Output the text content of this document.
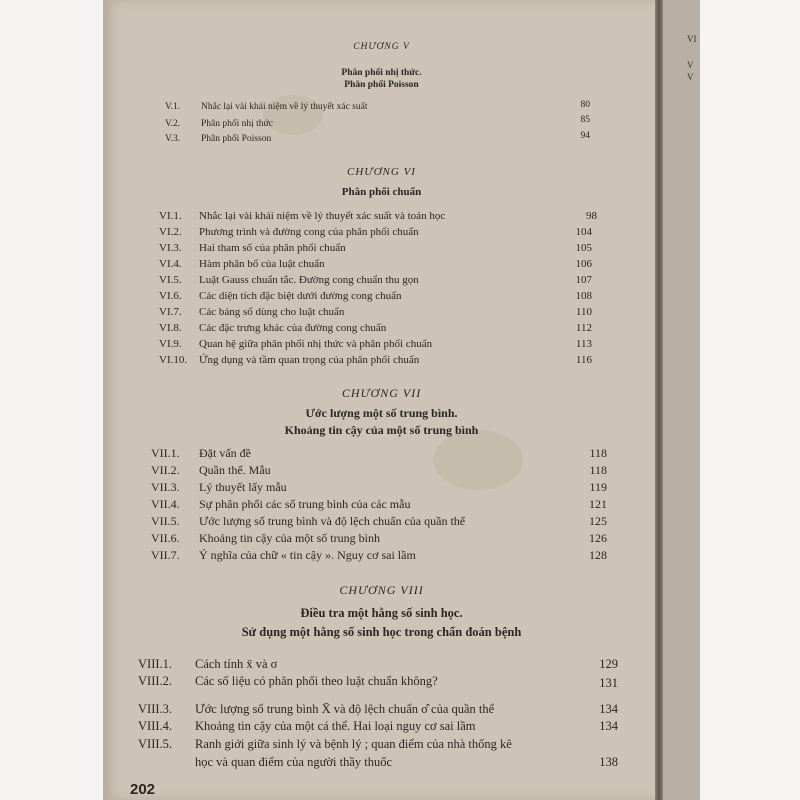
CHƯƠNG V
Phân phối nhị thức.
Phân phối Poisson
V.1. Nhắc lại vài khái niệm về lý thuyết xác suất	80
V.2. Phân phối nhị thức	85
V.3. Phân phối Poisson	94
CHƯƠNG VI
Phân phối chuẩn
VI.1. Nhắc lại vài khái niệm về lý thuyết xác suất và toán học	98
VI.2. Phương trình và đường cong của phân phối chuẩn	104
VI.3. Hai tham số của phân phối chuẩn	105
VI.4. Hàm phân bố của luật chuẩn	106
VI.5. Luật Gauss chuẩn tắc. Đường cong chuẩn thu gọn	107
VI.6. Các diện tích đặc biệt dưới đường cong chuẩn	108
VI.7. Các bảng số dùng cho luật chuẩn	110
VI.8. Các đặc trưng khác của đường cong chuẩn	112
VI.9. Quan hệ giữa phân phối nhị thức và phân phối chuẩn	113
VI.10. Ứng dụng và tầm quan trọng của phân phối chuẩn	116
CHƯƠNG VII
Ước lượng một số trung bình.
Khoảng tin cậy của một số trung bình
VII.1. Đặt vấn đề	118
VII.2. Quần thể. Mẫu	118
VII.3. Lý thuyết lấy mẫu	119
VII.4. Sự phân phối các số trung bình của các mẫu	121
VII.5. Ước lượng số trung bình và độ lệch chuẩn của quần thể	125
VII.6. Khoảng tin cậy của một số trung bình	126
VII.7. Ý nghĩa của chữ « tin cậy ». Nguy cơ sai lầm	128
CHƯƠNG VIII
Điều tra một hằng số sinh học.
Sử dụng một hằng số sinh học trong chẩn đoán bệnh
VIII.1. Cách tính x̄ và σ	129
VIII.2. Các số liệu có phân phối theo luật chuẩn không?	131
VIII.3. Ước lượng số trung bình X̄ và độ lệch chuẩn σ̂ của quần thể	134
VIII.4. Khoảng tin cậy của một cá thể. Hai loại nguy cơ sai lầm	134
VIII.5. Ranh giới giữa sinh lý và bệnh lý ; quan điểm của nhà thống kê
học và quan điểm của người thầy thuốc	138
202
VI
V
V
